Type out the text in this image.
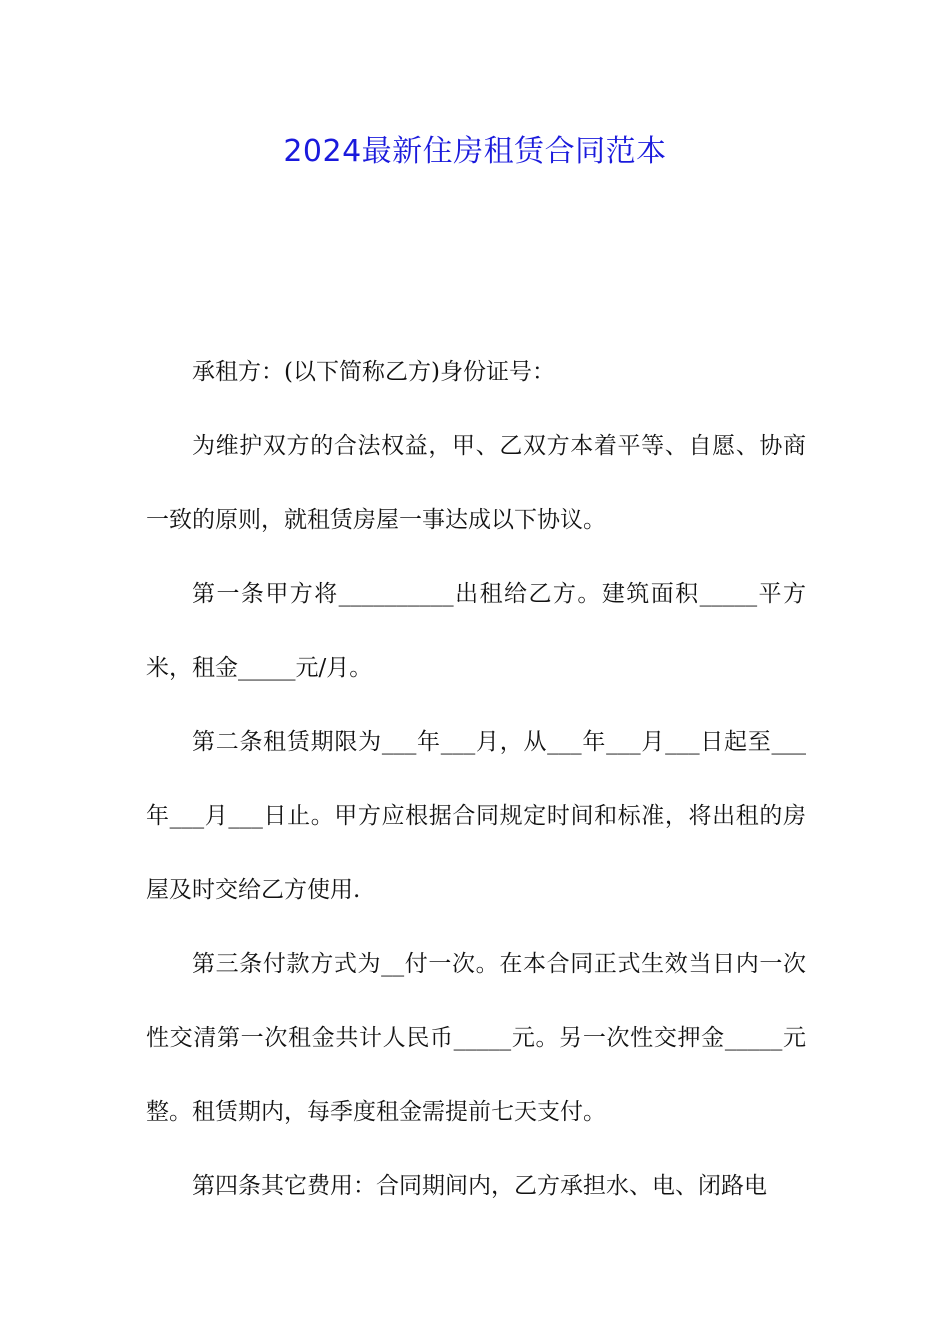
2024最新住房租赁合同范本

承租方：(以下简称乙方)身份证号：

为维护双方的合法权益，甲、乙双方本着平等、自愿、协商一致的原则，就租赁房屋一事达成以下协议。

第一条甲方将__________出租给乙方。建筑面积_____平方米，租金_____元/月。

第二条租赁期限为___年___月，从___年___月___日起至___年___月___日止。甲方应根据合同规定时间和标准，将出租的房屋及时交给乙方使用.

第三条付款方式为__付一次。在本合同正式生效当日内一次性交清第一次租金共计人民币_____元。另一次性交押金_____元整。租赁期内，每季度租金需提前七天支付。

第四条其它费用：合同期间内，乙方承担水、电、闭路电
